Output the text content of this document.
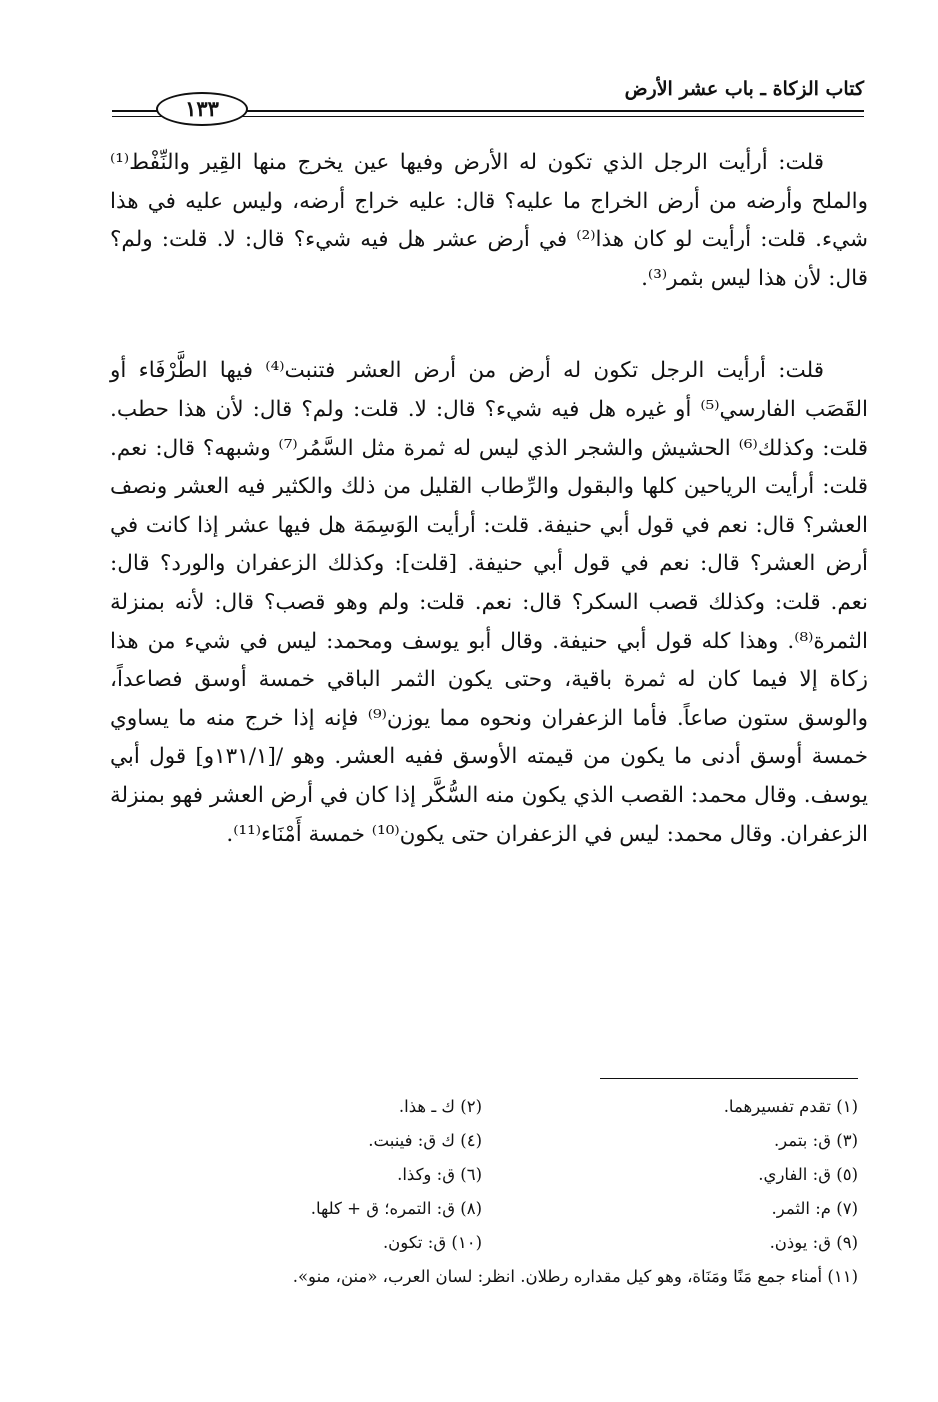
كتاب الزكاة ـ باب عشر الأرض
١٣٣

قلت: أرأيت الرجل الذي تكون له الأرض وفيها عين يخرج منها القِير والنِّفْط⁽¹⁾ والملح وأرضه من أرض الخراج ما عليه؟ قال: عليه خراج أرضه، وليس عليه في هذا شيء. قلت: أرأيت لو كان هذا⁽²⁾ في أرض عشر هل فيه شيء؟ قال: لا. قلت: ولم؟ قال: لأن هذا ليس بثمر⁽³⁾.

قلت: أرأيت الرجل تكون له أرض من أرض العشر فتنبت⁽⁴⁾ فيها الطَّرْفَاء أو القَصَب الفارسي⁽⁵⁾ أو غيره هل فيه شيء؟ قال: لا. قلت: ولم؟ قال: لأن هذا حطب. قلت: وكذلك⁽⁶⁾ الحشيش والشجر الذي ليس له ثمرة مثل السَّمُر⁽⁷⁾ وشبهه؟ قال: نعم. قلت: أرأيت الرياحين كلها والبقول والرِّطاب القليل من ذلك والكثير فيه العشر ونصف العشر؟ قال: نعم في قول أبي حنيفة. قلت: أرأيت الوَسِمَة هل فيها عشر إذا كانت في أرض العشر؟ قال: نعم في قول أبي حنيفة. [قلت]: وكذلك الزعفران والورد؟ قال: نعم. قلت: وكذلك قصب السكر؟ قال: نعم. قلت: ولم وهو قصب؟ قال: لأنه بمنزلة الثمرة⁽⁸⁾. وهذا كله قول أبي حنيفة. وقال أبو يوسف ومحمد: ليس في شيء من هذا زكاة إلا فيما كان له ثمرة باقية، وحتى يكون الثمر الباقي خمسة أوسق فصاعداً، والوسق ستون صاعاً. فأما الزعفران ونحوه مما يوزن⁽⁹⁾ فإنه إذا خرج منه ما يساوي خمسة أوسق أدنى ما يكون من قيمته الأوسق ففيه العشر. وهو /[١٣١/١و] قول أبي يوسف. وقال محمد: القصب الذي يكون منه السُّكَّر إذا كان في أرض العشر فهو بمنزلة الزعفران. وقال محمد: ليس في الزعفران حتى يكون⁽¹⁰⁾ خمسة أَمْنَاء⁽¹¹⁾.

(١) تقدم تفسيرهما.
(٢) ك ـ هذا.
(٣) ق: بتمر.
(٤) ك ق: فينبت.
(٥) ق: الفاري.
(٦) ق: وكذا.
(٧) م: الثمر.
(٨) ق: التمره؛ ق + كلها.
(٩) ق: يوذن.
(١٠) ق: تكون.
(١١) أمناء جمع مَنًا ومَنَاة، وهو كيل مقداره رطلان. انظر: لسان العرب، «منن، منو».
